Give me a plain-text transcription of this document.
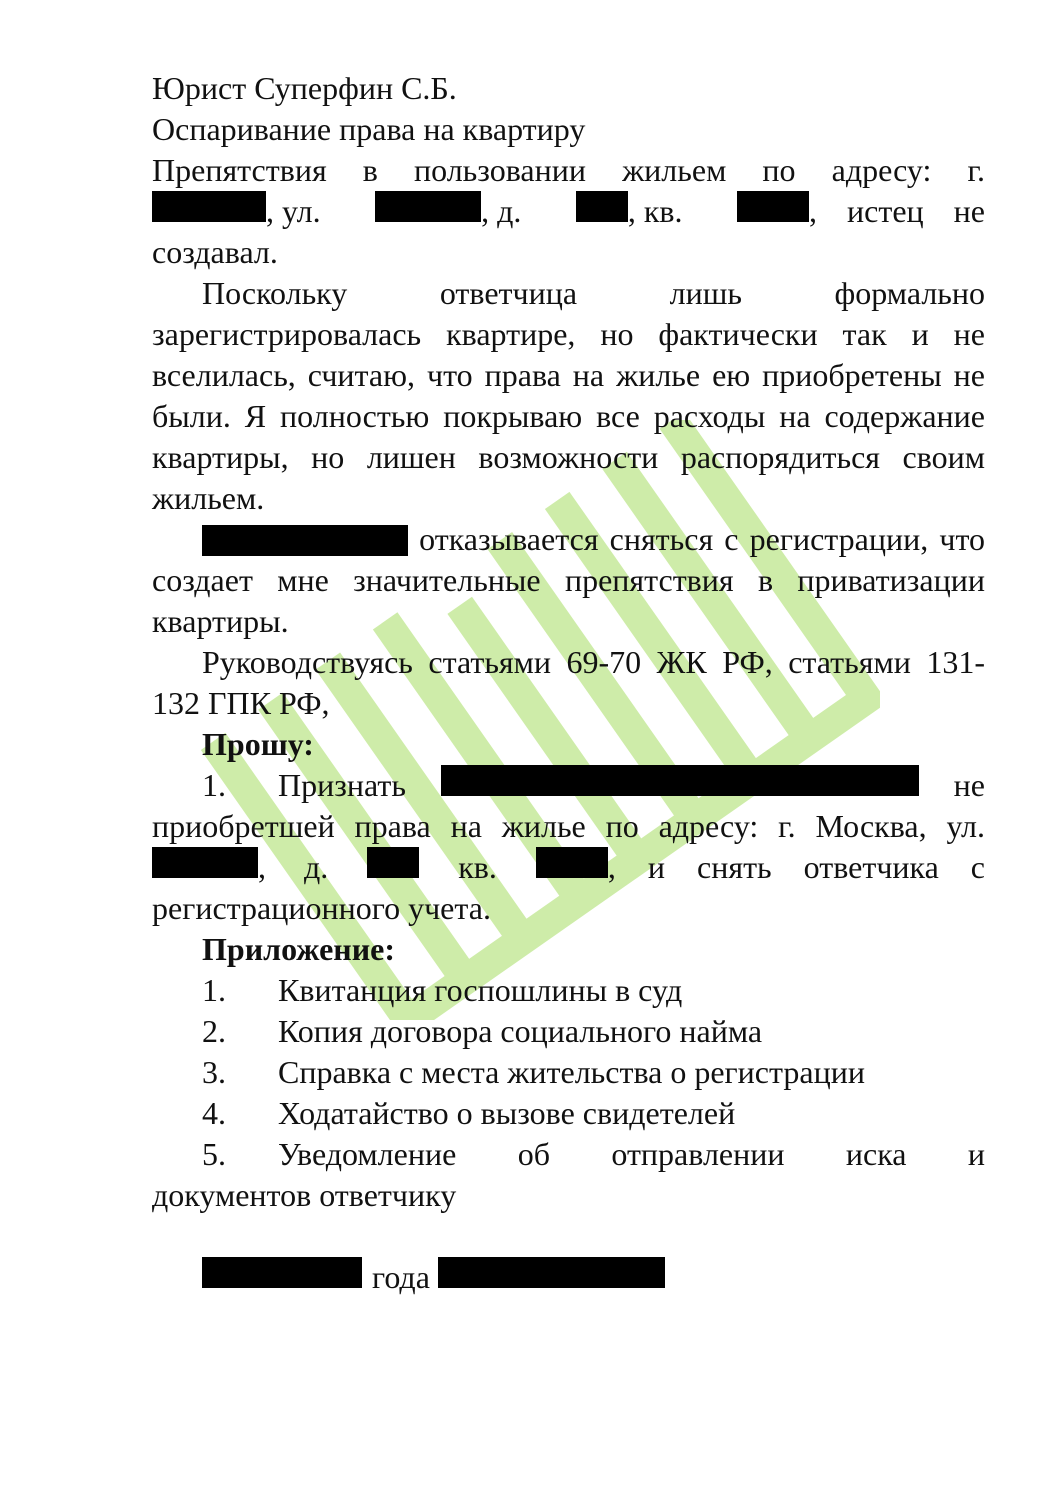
Юрист Суперфин С.Б.
Оспаривание права на квартиру
Препятствия в пользовании жильем по адресу: г.
, ул.	, д.	, кв.	, истец не
создавал.
Поскольку ответчица лишь формально зарегистрировалась квартире, но фактически так и не вселилась, считаю, что права на жилье ею приобретены не были. Я полностью покрываю все расходы на содержание квартиры, но лишен возможности распорядиться своим жильем.
отказывается сняться с регистрации, что создает мне значительные препятствия в приватизации квартиры.
Руководствуясь статьями 69-70 ЖК РФ, статьями 131-132 ГПК РФ,
Прошу:
1.	Признать	не
приобретшей права на жилье по адресу: г. Москва, ул.
, д.	кв.	, и снять ответчика с
регистрационного учета.
Приложение:
1.	Квитанция госпошлины в суд
2.	Копия договора социального найма
3.	Справка с места жительства о регистрации
4.	Ходатайство о вызове свидетелей
5.	Уведомление об отправлении иска и
документов ответчику
года
